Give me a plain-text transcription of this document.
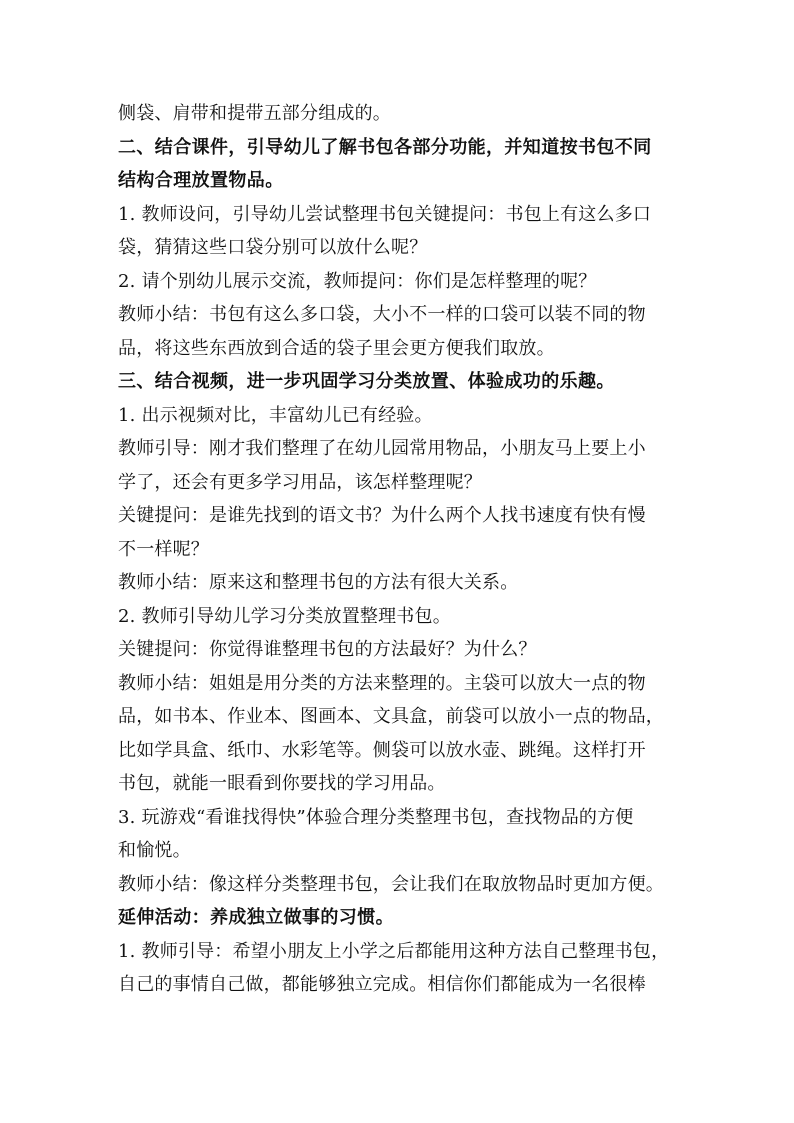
侧袋、肩带和提带五部分组成的。
二、结合课件，引导幼儿了解书包各部分功能，并知道按书包不同
结构合理放置物品。
1. 教师设问，引导幼儿尝试整理书包关键提问：书包上有这么多口
袋，猜猜这些口袋分别可以放什么呢？
2. 请个别幼儿展示交流，教师提问：你们是怎样整理的呢？
教师小结：书包有这么多口袋，大小不一样的口袋可以装不同的物
品，将这些东西放到合适的袋子里会更方便我们取放。
三、结合视频，进一步巩固学习分类放置、体验成功的乐趣。
1. 出示视频对比，丰富幼儿已有经验。
教师引导：刚才我们整理了在幼儿园常用物品，小朋友马上要上小
学了，还会有更多学习用品，该怎样整理呢？
关键提问：是谁先找到的语文书？为什么两个人找书速度有快有慢
不一样呢？
教师小结：原来这和整理书包的方法有很大关系。
2. 教师引导幼儿学习分类放置整理书包。
关键提问：你觉得谁整理书包的方法最好？为什么？
教师小结：姐姐是用分类的方法来整理的。主袋可以放大一点的物
品，如书本、作业本、图画本、文具盒，前袋可以放小一点的物品，
比如学具盒、纸巾、水彩笔等。侧袋可以放水壶、跳绳。这样打开
书包，就能一眼看到你要找的学习用品。
3. 玩游戏“看谁找得快”体验合理分类整理书包，查找物品的方便
和愉悦。
教师小结：像这样分类整理书包，会让我们在取放物品时更加方便。
延伸活动：养成独立做事的习惯。
1. 教师引导：希望小朋友上小学之后都能用这种方法自己整理书包，
自己的事情自己做，都能够独立完成。相信你们都能成为一名很棒
